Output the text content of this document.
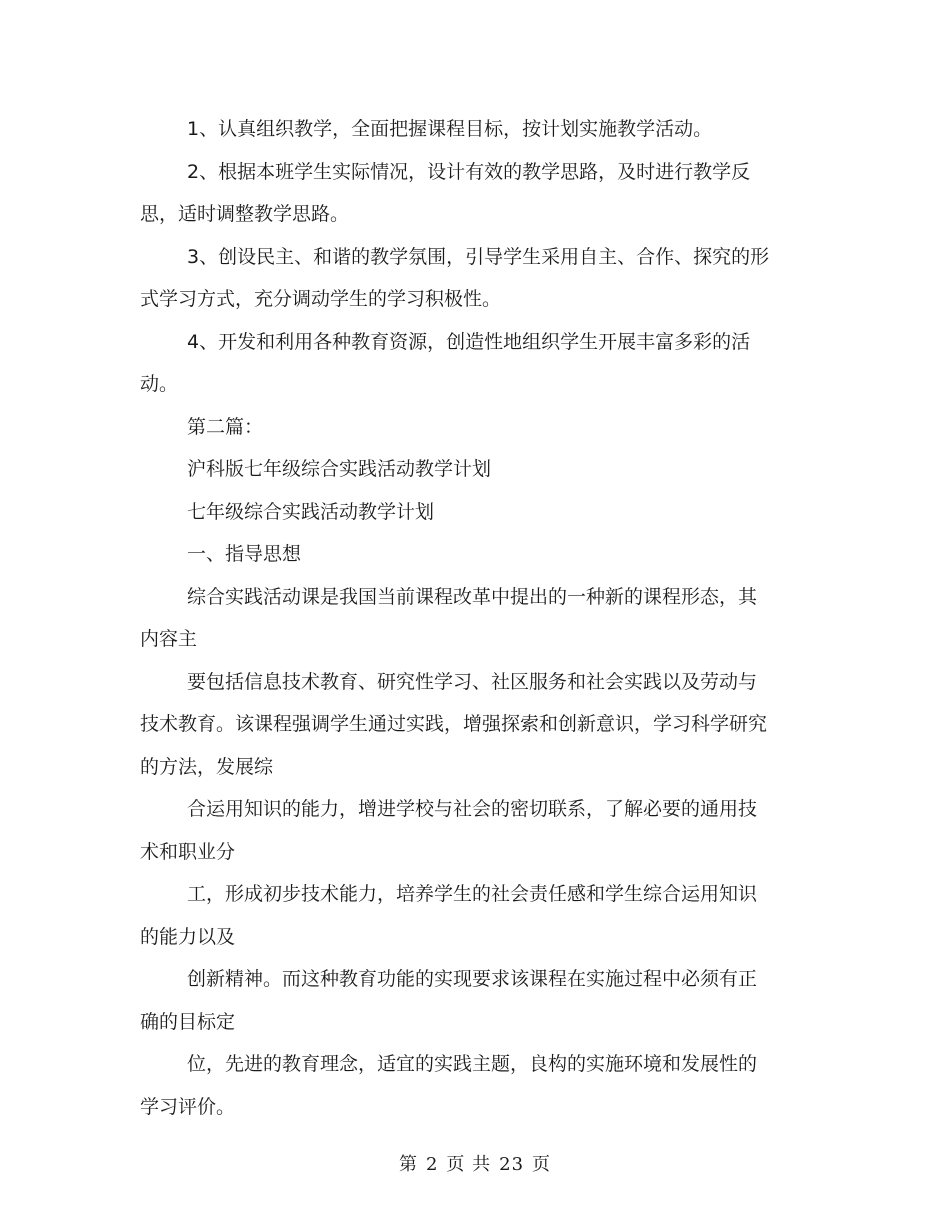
1、认真组织教学，全面把握课程目标，按计划实施教学活动。

2、根据本班学生实际情况，设计有效的教学思路，及时进行教学反思，适时调整教学思路。

3、创设民主、和谐的教学氛围，引导学生采用自主、合作、探究的形式学习方式，充分调动学生的学习积极性。

4、开发和利用各种教育资源，创造性地组织学生开展丰富多彩的活动。

第二篇：

沪科版七年级综合实践活动教学计划

七年级综合实践活动教学计划

一、指导思想

综合实践活动课是我国当前课程改革中提出的一种新的课程形态，其内容主

要包括信息技术教育、研究性学习、社区服务和社会实践以及劳动与技术教育。该课程强调学生通过实践，增强探索和创新意识，学习科学研究的方法，发展综

合运用知识的能力，增进学校与社会的密切联系，了解必要的通用技术和职业分

工，形成初步技术能力，培养学生的社会责任感和学生综合运用知识的能力以及

创新精神。而这种教育功能的实现要求该课程在实施过程中必须有正确的目标定

位，先进的教育理念，适宜的实践主题，良构的实施环境和发展性的学习评价。

第 2 页 共 23 页
